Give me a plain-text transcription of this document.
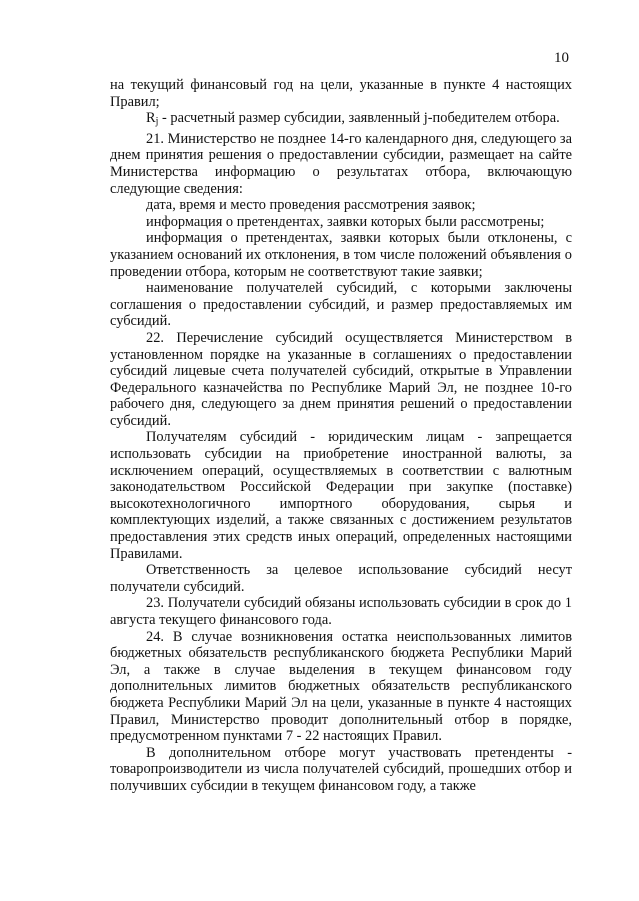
10

на текущий финансовый год на цели, указанные в пункте 4 настоящих Правил;

$R_j$ - расчетный размер субсидии, заявленный j-победителем отбора.

21. Министерство не позднее 14-го календарного дня, следующего за днем принятия решения о предоставлении субсидии, размещает на сайте Министерства информацию о результатах отбора, включающую следующие сведения:

дата, время и место проведения рассмотрения заявок;

информация о претендентах, заявки которых были рассмотрены;

информация о претендентах, заявки которых были отклонены, с указанием оснований их отклонения, в том числе положений объявления о проведении отбора, которым не соответствуют такие заявки;

наименование получателей субсидий, с которыми заключены соглашения о предоставлении субсидий, и размер предоставляемых им субсидий.

22. Перечисление субсидий осуществляется Министерством в установленном порядке на указанные в соглашениях о предоставлении субсидий лицевые счета получателей субсидий, открытые в Управлении Федерального казначейства по Республике Марий Эл, не позднее 10-го рабочего дня, следующего за днем принятия решений о предоставлении субсидий.

Получателям субсидий - юридическим лицам - запрещается использовать субсидии на приобретение иностранной валюты, за исключением операций, осуществляемых в соответствии с валютным законодательством Российской Федерации при закупке (поставке) высокотехнологичного импортного оборудования, сырья и комплектующих изделий, а также связанных с достижением результатов предоставления этих средств иных операций, определенных настоящими Правилами.

Ответственность за целевое использование субсидий несут получатели субсидий.

23. Получатели субсидий обязаны использовать субсидии в срок до 1 августа текущего финансового года.

24. В случае возникновения остатка неиспользованных лимитов бюджетных обязательств республиканского бюджета Республики Марий Эл, а также в случае выделения в текущем финансовом году дополнительных лимитов бюджетных обязательств республиканского бюджета Республики Марий Эл на цели, указанные в пункте 4 настоящих Правил, Министерство проводит дополнительный отбор в порядке, предусмотренном пунктами 7 - 22 настоящих Правил.

В дополнительном отборе могут участвовать претенденты - товаропроизводители из числа получателей субсидий, прошедших отбор и получивших субсидии в текущем финансовом году, а также
